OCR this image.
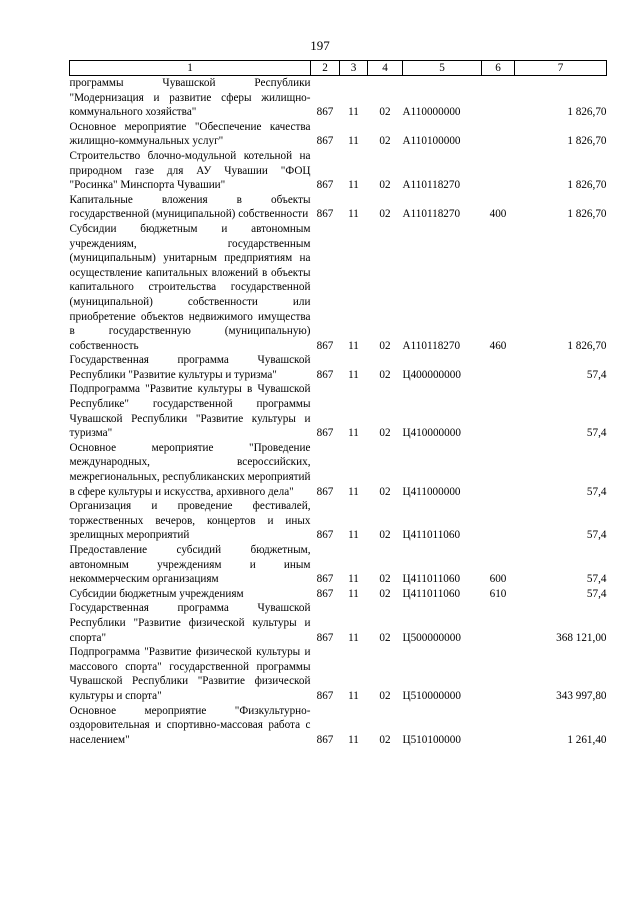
197
1	2	3	4	5	6	7
программы Чувашской Республики "Модернизация и развитие сферы жилищно-коммунального хозяйства"	867	11	02	А110000000		1 826,70
Основное мероприятие "Обеспечение качества жилищно-коммунальных услуг"	867	11	02	А110100000		1 826,70
Строительство блочно-модульной котельной на природном газе для АУ Чувашии "ФОЦ "Росинка" Минспорта Чувашии"	867	11	02	А110118270		1 826,70
Капитальные вложения в объекты государственной (муниципальной) собственности	867	11	02	А110118270	400	1 826,70
Субсидии бюджетным и автономным учреждениям, государственным (муниципальным) унитарным предприятиям на осуществление капитальных вложений в объекты капитального строительства государственной (муниципальной) собственности или приобретение объектов недвижимого имущества в государственную (муниципальную) собственность	867	11	02	А110118270	460	1 826,70
Государственная программа Чувашской Республики "Развитие культуры и туризма"	867	11	02	Ц400000000		57,4
Подпрограмма "Развитие культуры в Чувашской Республике" государственной программы Чувашской Республики "Развитие культуры и туризма"	867	11	02	Ц410000000		57,4
Основное мероприятие "Проведение международных, всероссийских, межрегиональных, республиканских мероприятий в сфере культуры и искусства, архивного дела"	867	11	02	Ц411000000		57,4
Организация и проведение фестивалей, торжественных вечеров, концертов и иных зрелищных мероприятий	867	11	02	Ц411011060		57,4
Предоставление субсидий бюджетным, автономным учреждениям и иным некоммерческим организациям	867	11	02	Ц411011060	600	57,4
Субсидии бюджетным учреждениям	867	11	02	Ц411011060	610	57,4
Государственная программа Чувашской Республики "Развитие физической культуры и спорта"	867	11	02	Ц500000000		368 121,00
Подпрограмма "Развитие физической культуры и массового спорта" государственной программы Чувашской Республики "Развитие физической культуры и спорта"	867	11	02	Ц510000000		343 997,80
Основное мероприятие "Физкультурно-оздоровительная и спортивно-массовая работа с населением"	867	11	02	Ц510100000		1 261,40
